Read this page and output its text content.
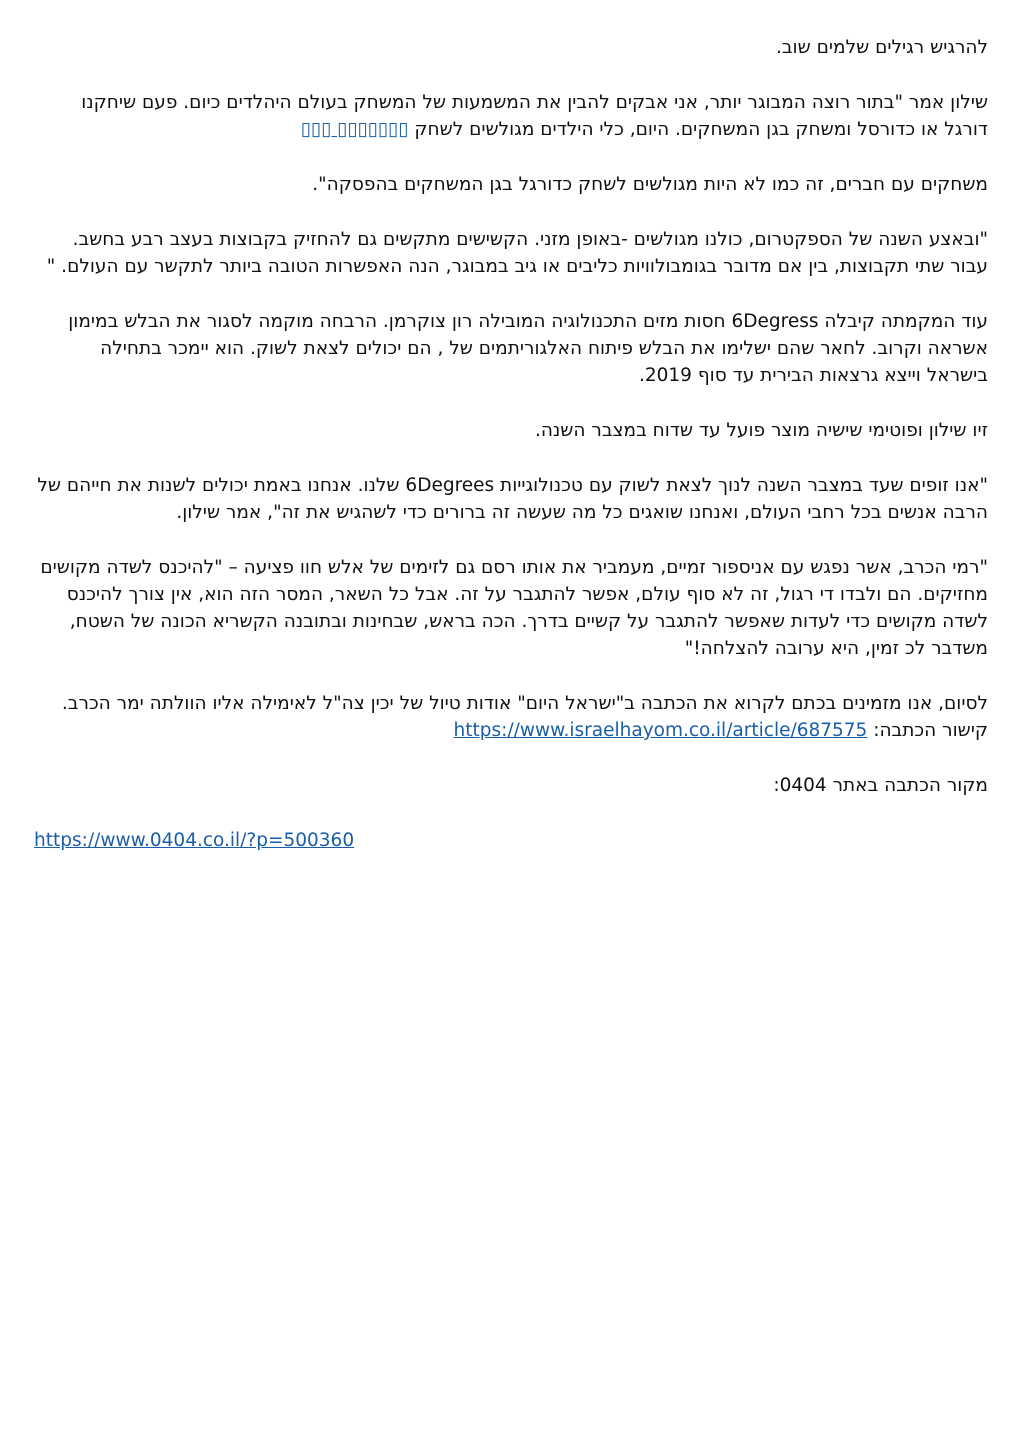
להרגיש רגילים שלמים שוב.

שילון אמר "בתור רוצה המבוגר יותר, אני אבקים להבין את המשמעות של המשחק בעולם היהלדים כיום. פעם שיחקנו דורגל או כדורסל ומשחק בגן המשחקים. היום, כלי הילדים מגולשים לשחק ▯▯▯▯▯▯▯ ▯▯▯

משחקים עם חברים, זה כמו לא היות מגולשים לשחק כדורגל בגן המשחקים בהפסקה".

"ובאצע השנה של הספקטרום, כולנו מגולשים -באופן מזני. הקשישים מתקשים גם להחזיק בקבוצות בעצב רבע בחשב. עבור שתי תקבוצות, בין אם מדובר בגומבולוויות כליבים או גיב במבוגר, הנה האפשרות הטובה ביותר לתקשר עם העולם. "

עוד המקמתה קיבלה 6Degress חסות מזים התכנולוגיה המובילה רון צוקרמן. הרבחה מוקמה לסגור את הבלש במימון אשראה וקרוב. לחאר שהם ישלימו את הבלש פיתוח האלגוריתמים של , הם יכולים לצאת לשוק. הוא יימכר בתחילה בישראל וייצא גרצאות הבירית עד סוף 2019.

זיו שילון ופוטימי שישיה מוצר פועל עד שדוח במצבר השנה.

"אנו זופים שעד במצבר השנה לנוך לצאת לשוק עם טכנולוגייות 6Degrees שלנו. אנחנו באמת יכולים לשנות את חייהם של הרבה אנשים בכל רחבי העולם, ואנחנו שואגים כל מה שעשה זה ברורים כדי לשהגיש את זה", אמר שילון.

"רמי הכרב, אשר נפגש עם אניספור זמיים, מעמביר את אותו רסם גם לזימים של אלש חוו פציעה – "להיכנס לשדה מקושים מחזיקים. הם ולבדו די רגול, זה לא סוף עולם, אפשר להתגבר על זה. אבל כל השאר, המסר הזה הוא, אין צורך להיכנס לשדה מקושים כדי לעדות שאפשר להתגבר על קשיים בדרך. הכה בראש, שבחינות ובתובנה הקשריא הכונה של השטח, משדבר לכ זמין, היא ערובה להצלחה!"

לסיום, אנו מזמינים בכתם לקרוא את הכתבה ב"ישראל היום" אודות טיול של יכין צה"ל לאימילה אליו הוולתה ימר הכרב. קישור הכתבה: https://www.israelhayom.co.il/article/687575

מקור הכתבה באתר 0404:

https://www.0404.co.il/?p=500360
